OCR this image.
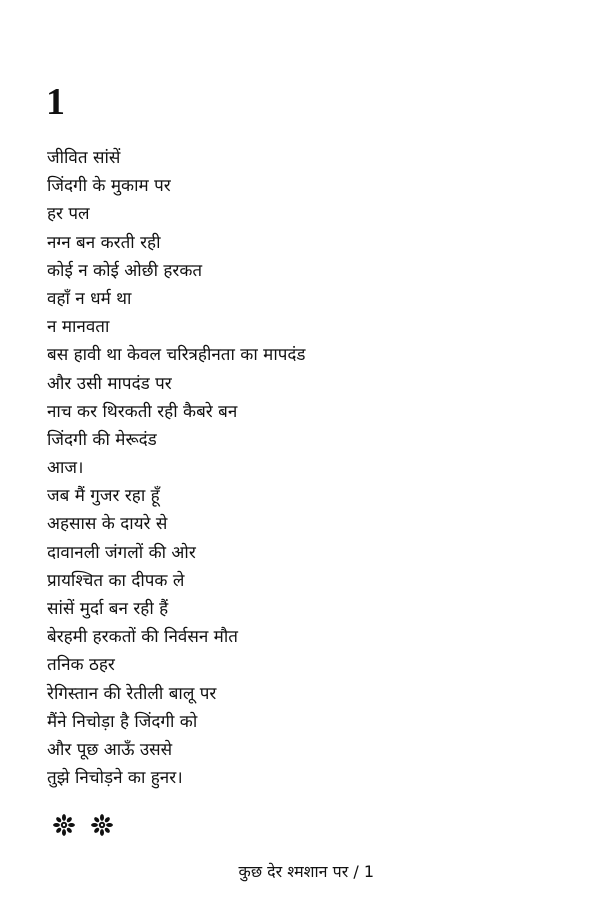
1
जीवित सांसें
जिंदगी के मुकाम पर
हर पल
नग्न बन करती रही
कोई न कोई ओछी हरकत
वहाँ न धर्म था
न मानवता
बस हावी था केवल चरित्रहीनता का मापदंड
और उसी मापदंड पर
नाच कर थिरकती रही कैबरे बन
जिंदगी की मेरूदंड
आज।
जब मैं गुजर रहा हूँ
अहसास के दायरे से
दावानली जंगलों की ओर
प्रायश्चित का दीपक ले
सांसें मुर्दा बन रही हैं
बेरहमी हरकतों की निर्वसन मौत
तनिक ठहर
रेगिस्तान की रेतीली बालू पर
मैंने निचोड़ा है जिंदगी को
और पूछ आऊँ उससे
तुझे निचोड़ने का हुनर।
कुछ देर श्मशान पर / 1
